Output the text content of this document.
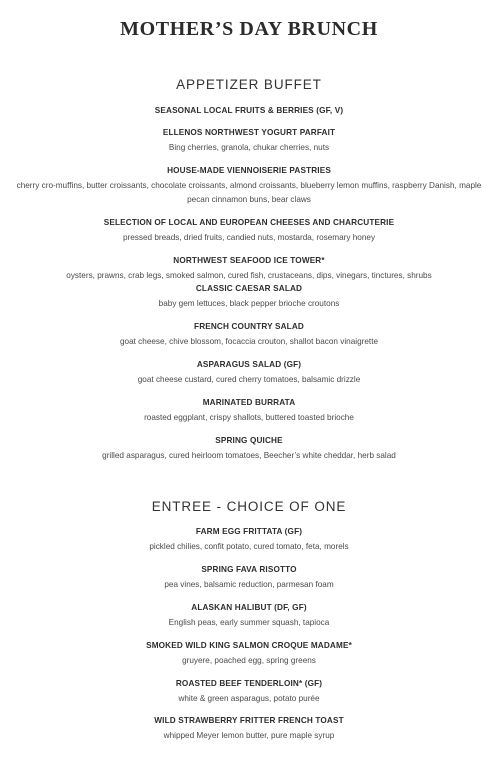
MOTHER’S DAY BRUNCH
APPETIZER BUFFET
SEASONAL LOCAL FRUITS & BERRIES (GF, V)
ELLENOS NORTHWEST YOGURT PARFAIT
Bing cherries, granola, chukar cherries, nuts
HOUSE-MADE VIENNOISERIE PASTRIES
cherry cro-muffins, butter croissants, chocolate croissants, almond croissants, blueberry lemon muffins, raspberry Danish, maple pecan cinnamon buns, bear claws
SELECTION OF LOCAL AND EUROPEAN CHEESES AND CHARCUTERIE
pressed breads, dried fruits, candied nuts, mostarda, rosemary honey
NORTHWEST SEAFOOD ICE TOWER*
oysters, prawns, crab legs, smoked salmon, cured fish, crustaceans, dips, vinegars, tinctures, shrubs
CLASSIC CAESAR SALAD
baby gem lettuces, black pepper brioche croutons
FRENCH COUNTRY SALAD
goat cheese, chive blossom, focaccia crouton, shallot bacon vinaigrette
ASPARAGUS SALAD (GF)
goat cheese custard, cured cherry tomatoes, balsamic drizzle
MARINATED BURRATA
roasted eggplant, crispy shallots, buttered toasted brioche
SPRING QUICHE
grilled asparagus, cured heirloom tomatoes, Beecher’s white cheddar, herb salad
ENTREE - CHOICE OF ONE
FARM EGG FRITTATA (GF)
pickled chilies, confit potato, cured tomato, feta, morels
SPRING FAVA RISOTTO
pea vines, balsamic reduction, parmesan foam
ALASKAN HALIBUT (DF, GF)
English peas, early summer squash, tapioca
SMOKED WILD KING SALMON CROQUE MADAME*
gruyere, poached egg, spring greens
ROASTED BEEF TENDERLOIN* (GF)
white & green asparagus, potato purée
WILD STRAWBERRY FRITTER FRENCH TOAST
whipped Meyer lemon butter, pure maple syrup
